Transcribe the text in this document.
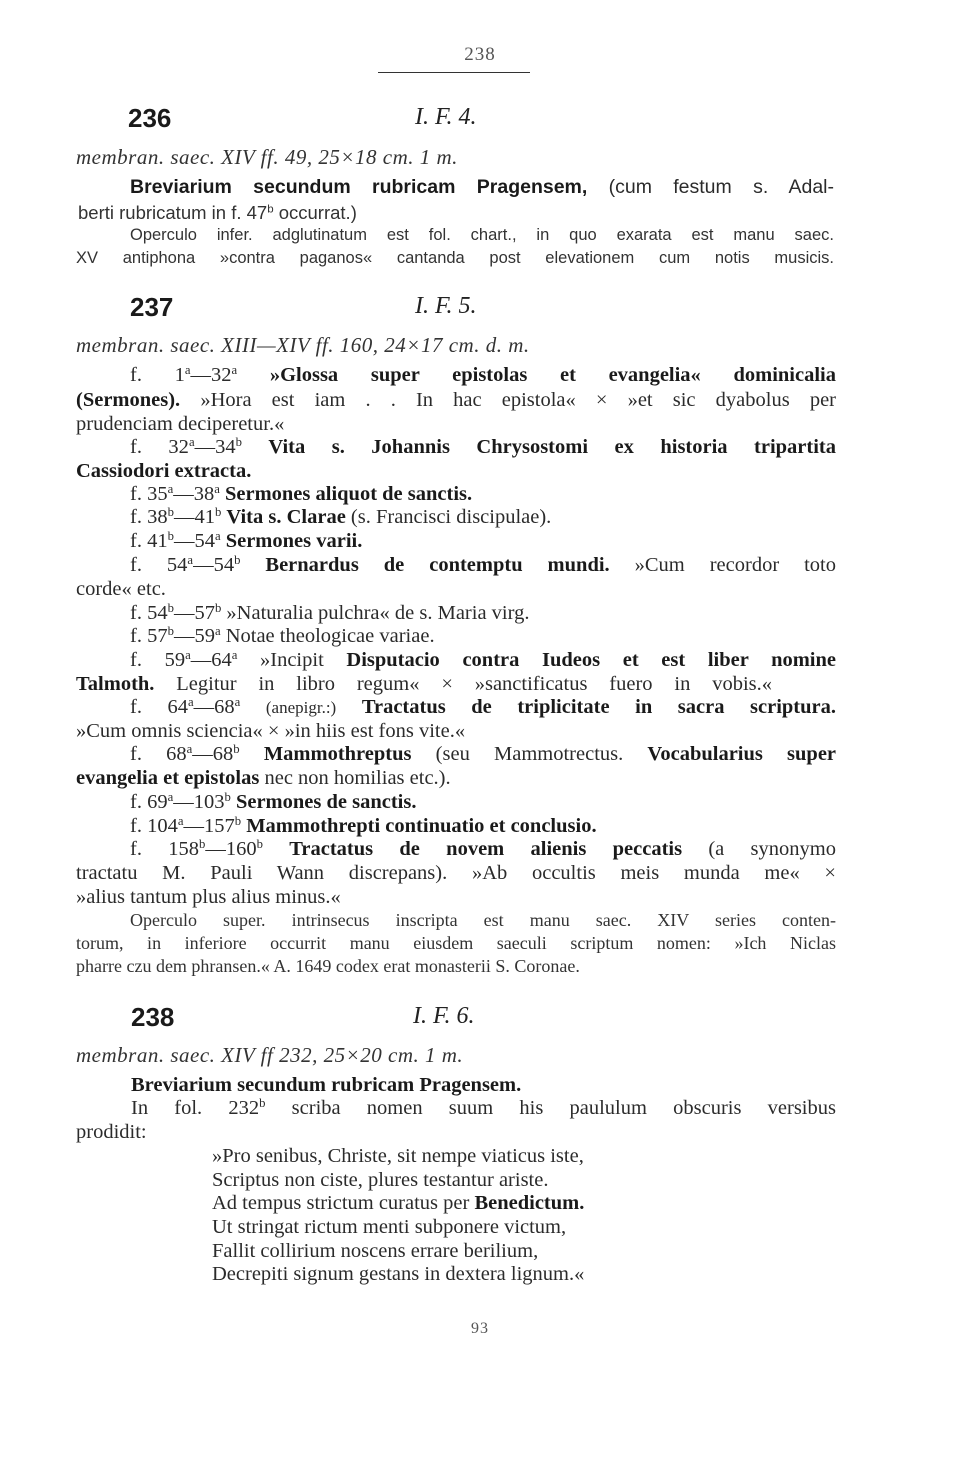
238
236	I. F. 4.
membran. saec. XIV ff. 49, 25×18 cm. 1 m.
Breviarium secundum rubricam Pragensem, (cum festum s. Adal-
berti rubricatum in f. 47$^b$ occurrat.)
Operculo infer. adglutinatum est fol. chart., in quo exarata est manu saec.
XV antiphona »contra paganos« cantanda post elevationem cum notis musicis.
237	I. F. 5.
membran. saec. XIII—XIV ff. 160, 24×17 cm. d. m.
f. 1$^a$—32$^a$ »Glossa super epistolas et evangelia« dominicalia
(Sermones). »Hora est iam . . In hac epistola« × »et sic dyabolus per
prudenciam deciperetur.«
f. 32$^a$—34$^b$ Vita s. Johannis Chrysostomi ex historia tripartita
Cassiodori extracta.
f. 35$^a$—38$^a$ Sermones aliquot de sanctis.
f. 38$^b$—41$^b$ Vita s. Clarae (s. Francisci discipulae).
f. 41$^b$—54$^a$ Sermones varii.
f. 54$^a$—54$^b$ Bernardus de contemptu mundi. »Cum recordor toto
corde« etc.
f. 54$^b$—57$^b$ »Naturalia pulchra« de s. Maria virg.
f. 57$^b$—59$^a$ Notae theologicae variae.
f. 59$^a$—64$^a$ »Incipit Disputacio contra Iudeos et est liber nomine
Talmoth. Legitur in libro regum« × »sanctificatus fuero in vobis.«
f. 64$^a$—68$^a$ (anepigr.:) Tractatus de triplicitate in sacra scriptura.
»Cum omnis sciencia« × »in hiis est fons vite.«
f. 68$^a$—68$^b$ Mammothreptus (seu Mammotrectus. Vocabularius super
evangelia et epistolas nec non homilias etc.).
f. 69$^a$—103$^b$ Sermones de sanctis.
f. 104$^a$—157$^b$ Mammothrepti continuatio et conclusio.
f. 158$^b$—160$^b$ Tractatus de novem alienis peccatis (a synonymo
tractatu M. Pauli Wann discrepans). »Ab occultis meis munda me« ×
»alius tantum plus alius minus.«
Operculo super. intrinsecus inscripta est manu saec. XIV series conten-
torum, in inferiore occurrit manu eiusdem saeculi scriptum nomen: »Ich Niclas
pharre czu dem phransen.« A. 1649 codex erat monasterii S. Coronae.
238	I. F. 6.
membran. saec. XIV ff 232, 25×20 cm. 1 m.
Breviarium secundum rubricam Pragensem.
In fol. 232$^b$ scriba nomen suum his paululum obscuris versibus
prodidit:
»Pro senibus, Christe, sit nempe viaticus iste,
Scriptus non ciste, plures testantur ariste.
Ad tempus strictum curatus per Benedictum.
Ut stringat rictum menti subponere victum,
Fallit collirium noscens errare berilium,
Decrepiti signum gestans in dextera lignum.«
93
